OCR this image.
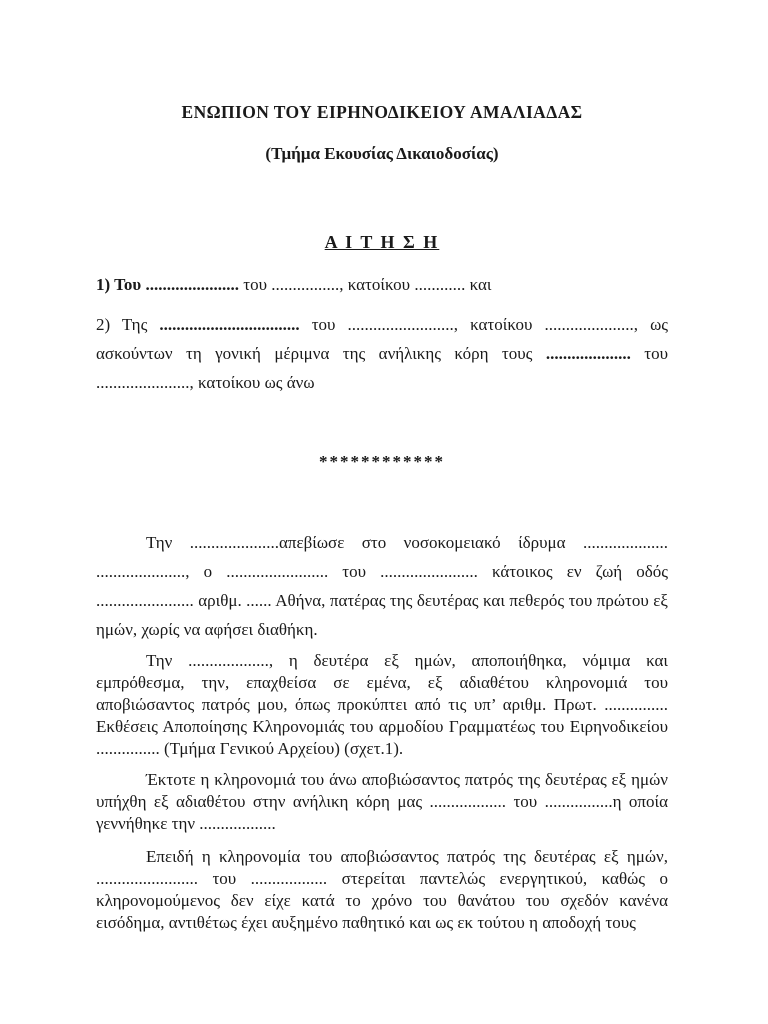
ΕΝΩΠΙΟΝ ΤΟΥ ΕΙΡΗΝΟΔΙΚΕΙΟΥ ΑΜΑΛΙΑΔΑΣ
(Τμήμα Εκουσίας Δικαιοδοσίας)
Α Ι Τ Η Σ Η

1) Του ...................... του ................, κατοίκου ............ και

2) Της ................................. του ........................., κατοίκου ....................., ως ασκούντων τη γονική μέριμνα της ανήλικης κόρη τους .................... του ......................, κατοίκου ως άνω

************

Την .....................απεβίωσε στο νοσοκομειακό ίδρυμα .................... ....................., ο ........................ του ....................... κάτοικος εν ζωή οδός ....................... αριθμ. ...... Αθήνα, πατέρας της δευτέρας και πεθερός του πρώτου εξ ημών, χωρίς να αφήσει διαθήκη.

Την ..................., η δευτέρα εξ ημών, αποποιήθηκα, νόμιμα και εμπρόθεσμα, την, επαχθείσα σε εμένα, εξ αδιαθέτου κληρονομιά του αποβιώσαντος πατρός μου, όπως προκύπτει από τις υπ’ αριθμ. Πρωτ. ............... Εκθέσεις Αποποίησης Κληρονομιάς του αρμοδίου Γραμματέως του Ειρηνοδικείου ............... (Τμήμα Γενικού Αρχείου) (σχετ.1).

Έκτοτε η κληρονομιά του άνω αποβιώσαντος πατρός της δευτέρας εξ ημών υπήχθη εξ αδιαθέτου στην ανήλικη κόρη μας .................. του ................η οποία γεννήθηκε την ..................

Επειδή η κληρονομία του αποβιώσαντος πατρός της δευτέρας εξ ημών, ........................ του .................. στερείται παντελώς ενεργητικού, καθώς ο κληρονομούμενος δεν είχε κατά το χρόνο του θανάτου του σχεδόν κανένα εισόδημα, αντιθέτως έχει αυξημένο παθητικό και ως εκ τούτου η αποδοχή τους
